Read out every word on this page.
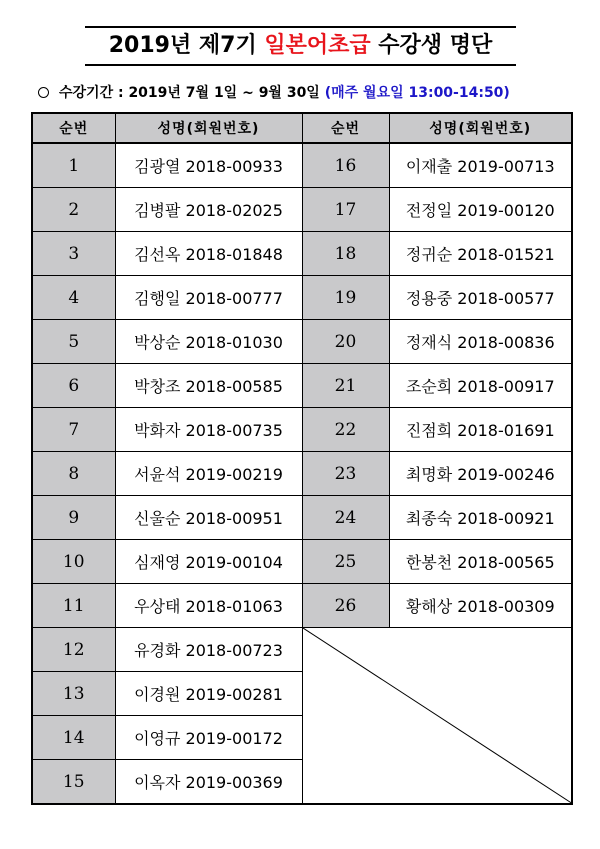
2019년 제7기 일본어초급 수강생 명단
수강기간 : 2019년 7월 1일 ~ 9월 30일 (매주 월요일 13:00-14:50)
순번	성명(회원번호)	순번	성명(회원번호)
1	김광열 2018-00933	16	이재출 2019-00713
2	김병팔 2018-02025	17	전정일 2019-00120
3	김선옥 2018-01848	18	정귀순 2018-01521
4	김행일 2018-00777	19	정용중 2018-00577
5	박상순 2018-01030	20	정재식 2018-00836
6	박창조 2018-00585	21	조순희 2018-00917
7	박화자 2018-00735	22	진점희 2018-01691
8	서윤석 2019-00219	23	최명화 2019-00246
9	신울순 2018-00951	24	최종숙 2018-00921
10	심재영 2019-00104	25	한봉천 2018-00565
11	우상태 2018-01063	26	황해상 2018-00309
12	유경화 2018-00723	

13	이경원 2019-00281		
14	이영규 2019-00172		
15	이옥자 2019-00369		
